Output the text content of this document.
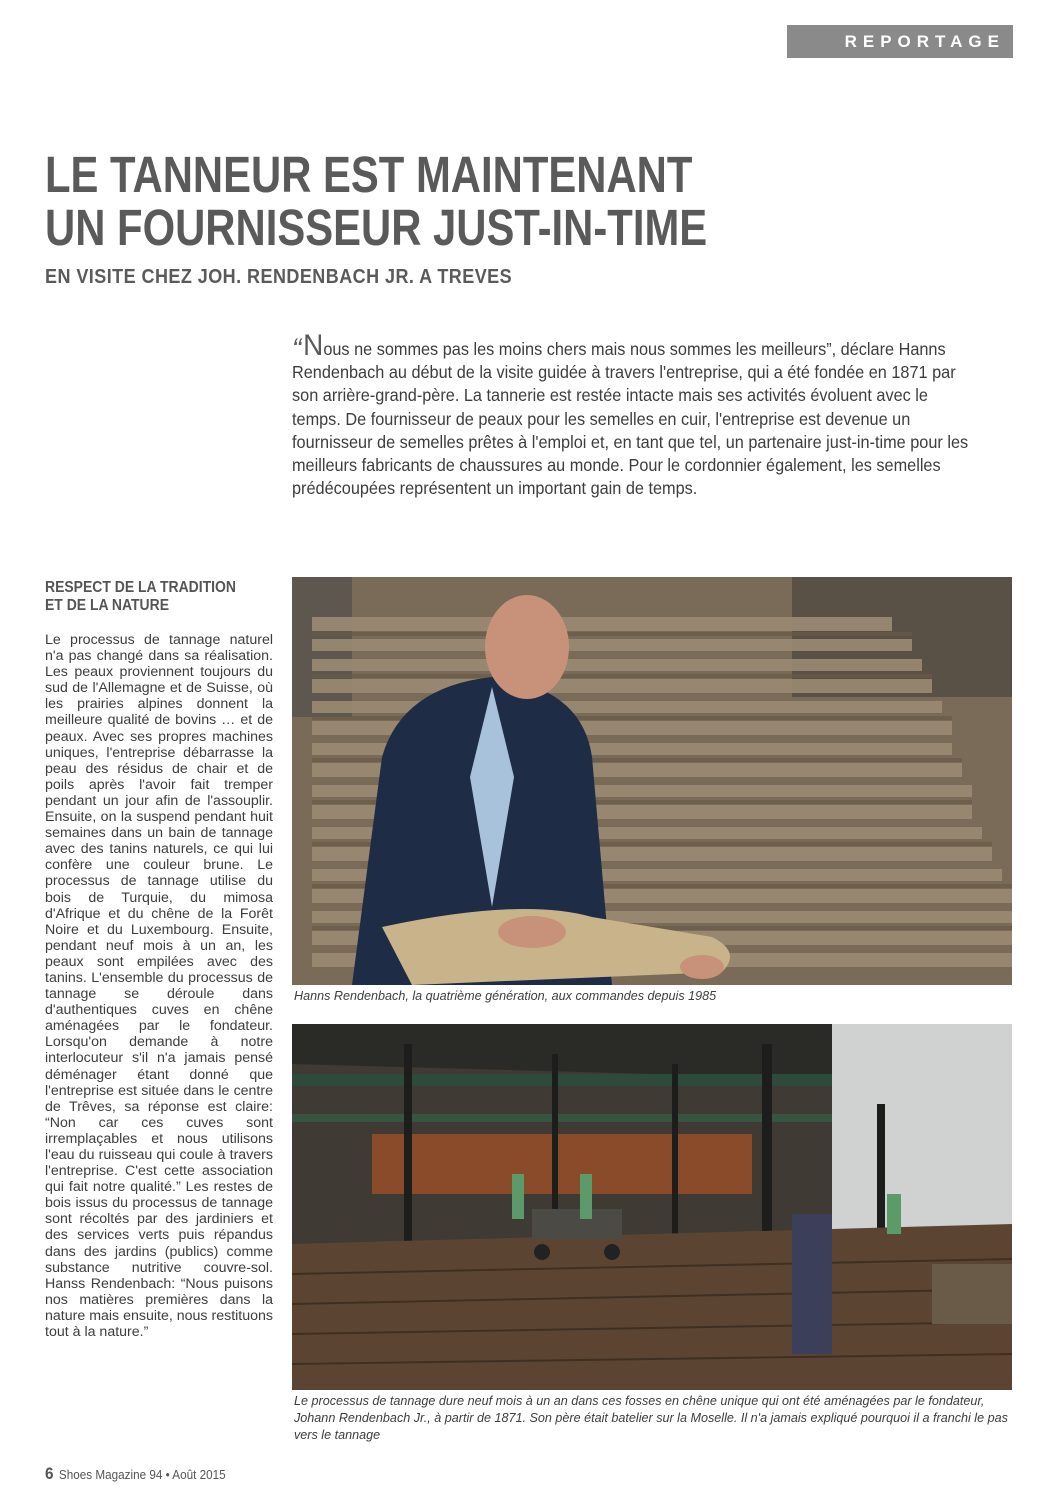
REPORTAGE
LE TANNEUR EST MAINTENANT
UN FOURNISSEUR JUST-IN-TIME
EN VISITE CHEZ JOH. RENDENBACH JR. A TREVES

“Nous ne sommes pas les moins chers mais nous sommes les meilleurs”, déclare Hanns Rendenbach au début de la visite guidée à travers l'entreprise, qui a été fondée en 1871 par son arrière-grand-père. La tannerie est restée intacte mais ses activités évoluent avec le temps. De fournisseur de peaux pour les semelles en cuir, l'entreprise est devenue un fournisseur de semelles prêtes à l'emploi et, en tant que tel, un partenaire just-in-time pour les meilleurs fabricants de chaussures au monde. Pour le cordonnier également, les semelles prédécoupées représentent un important gain de temps.

RESPECT DE LA TRADITION
ET DE LA NATURE

Le processus de tannage naturel n'a pas changé dans sa réalisation. Les peaux proviennent toujours du sud de l'Allemagne et de Suisse, où les prairies alpines donnent la meilleure qualité de bovins … et de peaux. Avec ses propres machines uniques, l'entreprise débarrasse la peau des résidus de chair et de poils après l'avoir fait tremper pendant un jour afin de l'assouplir. Ensuite, on la suspend pendant huit semaines dans un bain de tannage avec des tanins naturels, ce qui lui confère une couleur brune. Le processus de tannage utilise du bois de Turquie, du mimosa d'Afrique et du chêne de la Forêt Noire et du Luxembourg. Ensuite, pendant neuf mois à un an, les peaux sont empilées avec des tanins. L'ensemble du processus de tannage se déroule dans d'authentiques cuves en chêne aménagées par le fondateur. Lorsqu'on demande à notre interlocuteur s'il n'a jamais pensé déménager étant donné que l'entreprise est située dans le centre de Trêves, sa réponse est claire: “Non car ces cuves sont irremplaçables et nous utilisons l'eau du ruisseau qui coule à travers l'entreprise. C'est cette association qui fait notre qualité.” Les restes de bois issus du processus de tannage sont récoltés par des jardiniers et des services verts puis répandus dans des jardins (publics) comme substance nutritive couvre-sol. Hanss Rendenbach: “Nous puisons nos matières premières dans la nature mais ensuite, nous restituons tout à la nature.”

Hanns Rendenbach, la quatrième génération, aux commandes depuis 1985
Le processus de tannage dure neuf mois à un an dans ces fosses en chêne unique qui ont été aménagées par le fondateur, Johann Rendenbach Jr., à partir de 1871. Son père était batelier sur la Moselle. Il n'a jamais expliqué pourquoi il a franchi le pas vers le tannage
6 Shoes Magazine 94 • Août 2015
